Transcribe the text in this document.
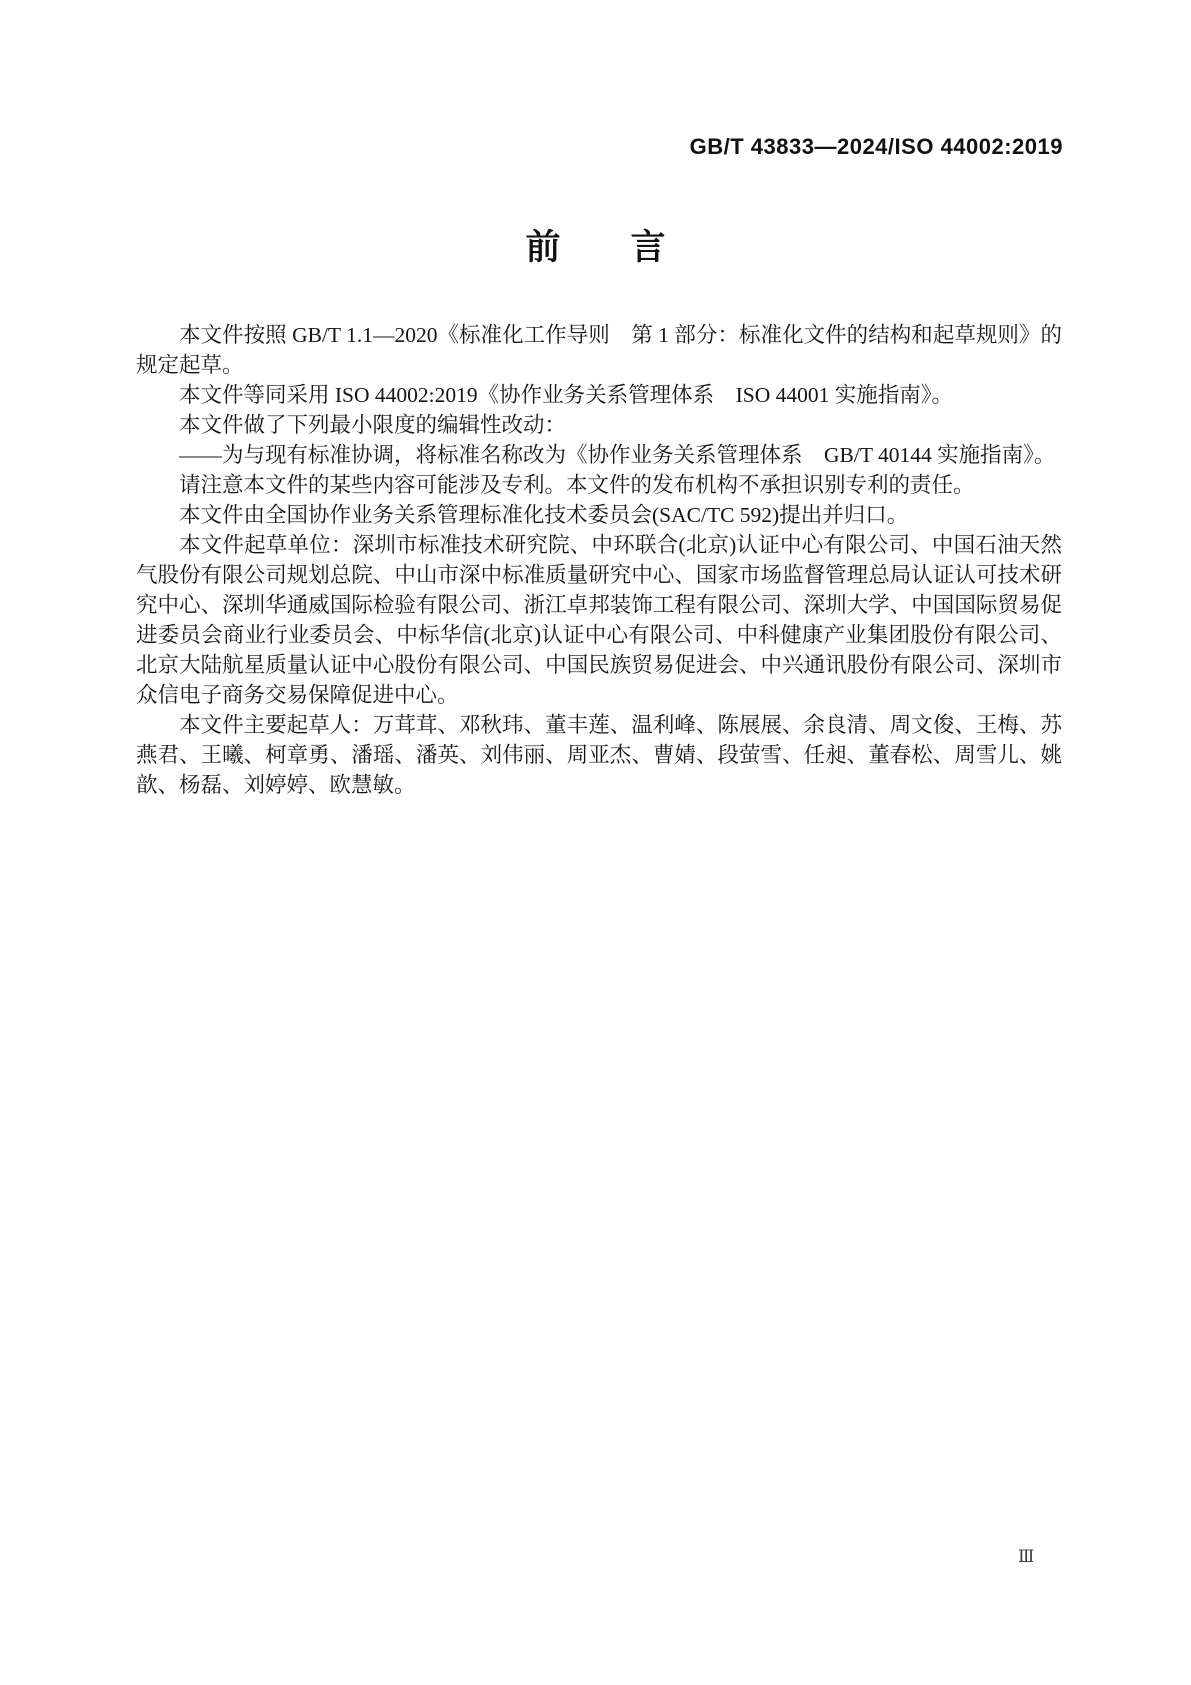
GB/T 43833—2024/ISO 44002:2019
前　　言

本文件按照 GB/T 1.1—2020《标准化工作导则　第 1 部分：标准化文件的结构和起草规则》的规定起草。

本文件等同采用 ISO 44002:2019《协作业务关系管理体系　ISO 44001 实施指南》。

本文件做了下列最小限度的编辑性改动：

——为与现有标准协调，将标准名称改为《协作业务关系管理体系　GB/T 40144 实施指南》。

请注意本文件的某些内容可能涉及专利。本文件的发布机构不承担识别专利的责任。

本文件由全国协作业务关系管理标准化技术委员会(SAC/TC 592)提出并归口。

本文件起草单位：深圳市标准技术研究院、中环联合(北京)认证中心有限公司、中国石油天然气股份有限公司规划总院、中山市深中标准质量研究中心、国家市场监督管理总局认证认可技术研究中心、深圳华通威国际检验有限公司、浙江卓邦装饰工程有限公司、深圳大学、中国国际贸易促进委员会商业行业委员会、中标华信(北京)认证中心有限公司、中科健康产业集团股份有限公司、北京大陆航星质量认证中心股份有限公司、中国民族贸易促进会、中兴通讯股份有限公司、深圳市众信电子商务交易保障促进中心。

本文件主要起草人：万茸茸、邓秋玮、董丰莲、温利峰、陈展展、余良清、周文俊、王梅、苏燕君、王曦、柯章勇、潘瑶、潘英、刘伟丽、周亚杰、曹婧、段萤雪、任昶、董春松、周雪儿、姚歆、杨磊、刘婷婷、欧慧敏。

Ⅲ
